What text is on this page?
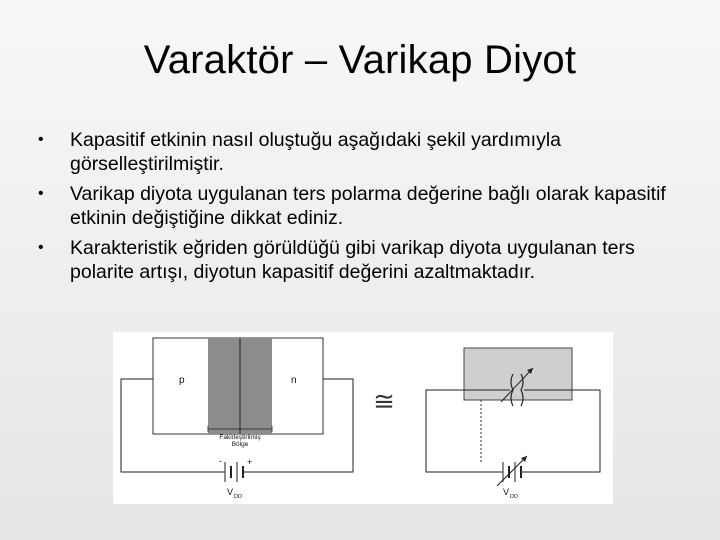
Varaktör – Varikap Diyot
• Kapasitif etkinin nasıl oluştuğu aşağıdaki şekil yardımıyla görselleştirilmiştir.
• Varikap diyota uygulanan ters polarma değerine bağlı olarak kapasitif etkinin değiştiğine dikkat ediniz.
• Karakteristik eğriden görüldüğü gibi varikap diyota uygulanan ters polarite artışı, diyotun kapasitif değerini azaltmaktadır.
p	n
Fakirleştirilmiş
Bölge
-	+
V DD
≅
V DD
